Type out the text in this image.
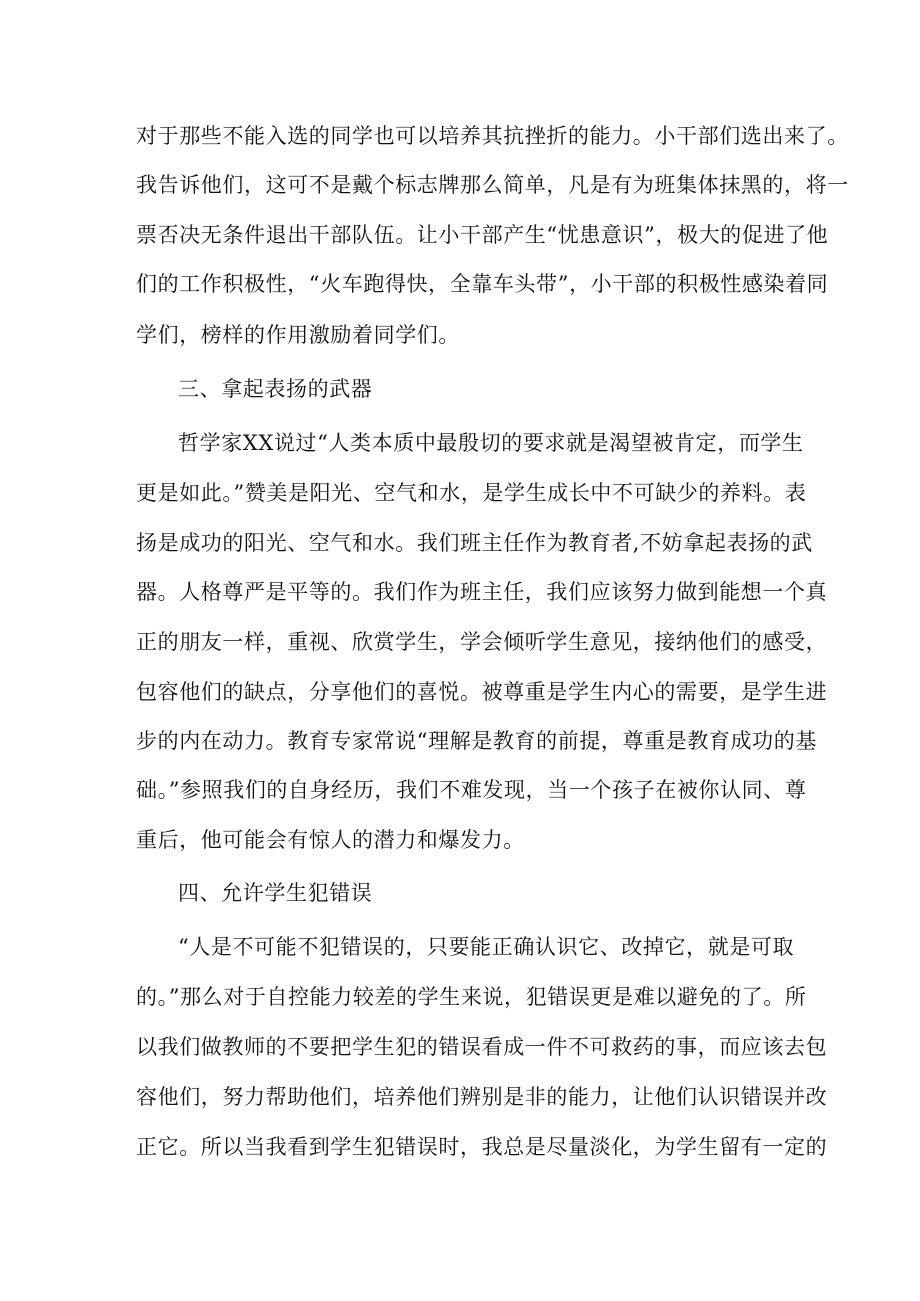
对于那些不能入选的同学也可以培养其抗挫折的能力。小干部们选出来了。
我告诉他们，这可不是戴个标志牌那么简单，凡是有为班集体抹黑的，将一
票否决无条件退出干部队伍。让小干部产生“忧患意识”，极大的促进了他
们的工作积极性，“火车跑得快，全靠车头带”，小干部的积极性感染着同
学们，榜样的作用激励着同学们。
三、拿起表扬的武器
哲学家XX说过“人类本质中最殷切的要求就是渴望被肯定，而学生
更是如此。”赞美是阳光、空气和水，是学生成长中不可缺少的养料。表
扬是成功的阳光、空气和水。我们班主任作为教育者,不妨拿起表扬的武
器。人格尊严是平等的。我们作为班主任，我们应该努力做到能想一个真
正的朋友一样，重视、欣赏学生，学会倾听学生意见，接纳他们的感受，
包容他们的缺点，分享他们的喜悦。被尊重是学生内心的需要，是学生进
步的内在动力。教育专家常说“理解是教育的前提，尊重是教育成功的基
础。”参照我们的自身经历，我们不难发现，当一个孩子在被你认同、尊
重后，他可能会有惊人的潜力和爆发力。
四、允许学生犯错误
“人是不可能不犯错误的，只要能正确认识它、改掉它，就是可取
的。”那么对于自控能力较差的学生来说，犯错误更是难以避免的了。所
以我们做教师的不要把学生犯的错误看成一件不可救药的事，而应该去包
容他们，努力帮助他们，培养他们辨别是非的能力，让他们认识错误并改
正它。所以当我看到学生犯错误时，我总是尽量淡化，为学生留有一定的
